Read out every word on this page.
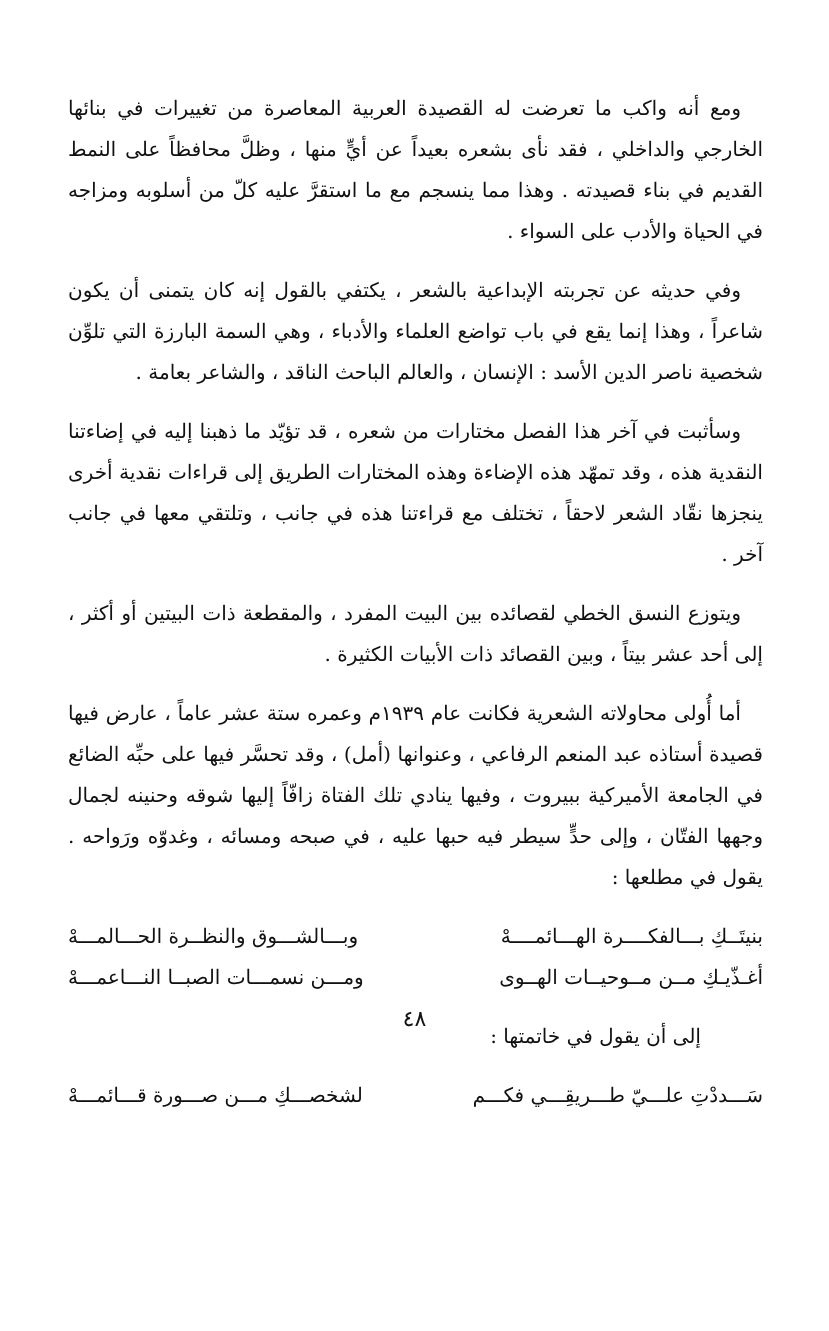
ومع أنه واكب ما تعرضت له القصيدة العربية المعاصرة من تغييرات في بنائها الخارجي والداخلي ، فقد نأى بشعره بعيداً عن أيٍّ منها ، وظلَّ محافظاً على النمط القديم في بناء قصيدته . وهذا مما ينسجم مع ما استقرَّ عليه كلّ من أسلوبه ومزاجه في الحياة والأدب على السواء .

وفي حديثه عن تجربته الإبداعية بالشعر ، يكتفي بالقول إنه كان يتمنى أن يكون شاعراً ، وهذا إنما يقع في باب تواضع العلماء والأدباء ، وهي السمة البارزة التي تلوِّن شخصية ناصر الدين الأسد : الإنسان ، والعالم الباحث الناقد ، والشاعر بعامة .

وسأثبت في آخر هذا الفصل مختارات من شعره ، قد تؤيّد ما ذهبنا إليه في إضاءتنا النقدية هذه ، وقد تمهّد هذه الإضاءة وهذه المختارات الطريق إلى قراءات نقدية أخرى ينجزها نقّاد الشعر لاحقاً ، تختلف مع قراءتنا هذه في جانب ، وتلتقي معها في جانب آخر .

ويتوزع النسق الخطي لقصائده بين البيت المفرد ، والمقطعة ذات البيتين أو أكثر ، إلى أحد عشر بيتاً ، وبين القصائد ذات الأبيات الكثيرة .

أما أُولى محاولاته الشعرية فكانت عام ١٩٣٩م وعمره ستة عشر عاماً ، عارض فيها قصيدة أستاذه عبد المنعم الرفاعي ، وعنوانها (أمل) ، وقد تحسَّر فيها على حبِّه الضائع في الجامعة الأميركية ببيروت ، وفيها ينادي تلك الفتاة زافّاً إليها شوقه وحنينه لجمال وجهها الفتّان ، وإلى حدٍّ سيطر فيه حبها عليه ، في صبحه ومسائه ، وغدوّه ورَواحه . يقول في مطلعها :

بنيتَــكِ بـــالفكــــرة الهـــائمــــهْ
وبـــالشـــوق والنظــرة الحـــالمـــهْ
أغـذّيـكِ مــن مــوحيــات الهــوى
ومـــن نسمـــات الصبــا النـــاعمـــهْ

إلى أن يقول في خاتمتها :

سَـــددْتِ علـــيّ طـــريقِـــي فكـــم
لشخصـــكِ مـــن صـــورة قـــائمـــهْ
٤٨
